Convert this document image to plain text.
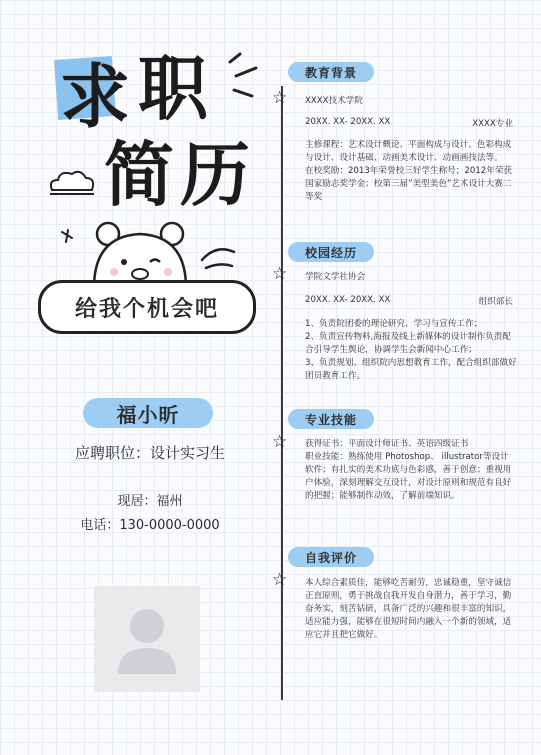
求 职
简 历
给我个机会吧
福小昕
应聘职位：设计实习生
现居：福州
电话：130-0000-0000
教育背景
☆ XXXX技术学院
20XX. XX- 20XX. XX	XXXX专业
主修课程：艺术设计概论、平面构成与设计、色彩构成与设计、设计基础、动画美术设计、动画画技法等。
在校奖励：2013年荣誉校三好学生称号；2012年荣获国家励志奖学金；校第三届”美型美色”艺术设计大赛二等奖
校园经历
☆ 学院文学社协会
20XX. XX- 20XX. XX	组织部长
1、负责院团委的理论研究、学习与宣传工作；
2、负责宣传物料,海报及线上新媒体的设计制作负责配合引导学生舆论，协调学生会新闻中心工作；
3、负责规划、组织院内思想教育工作，配合组织部做好团员教育工作。
专业技能
☆ 获得证书：平面设计师证书、英语四级证书
职业技能：熟练使用 Photoshop、 illustrator等设计软件；有扎实的美术功底与色彩感，善于创意；重视用户体验，深刻理解交互设计，对设计原则和规范有良好的把握；能够制作动效，了解前端知识。
自我评价
☆ 本人综合素质佳，能够吃苦耐劳，忠诚稳重，坚守诚信正直原则，勇于挑战自我开发自身潜力，善于学习，勤奋务实，刻苦钻研，具备广泛的兴趣和很丰富的知识，适应能力强，能够在很短时间内融入一个新的领域，适应它并且把它做好。
